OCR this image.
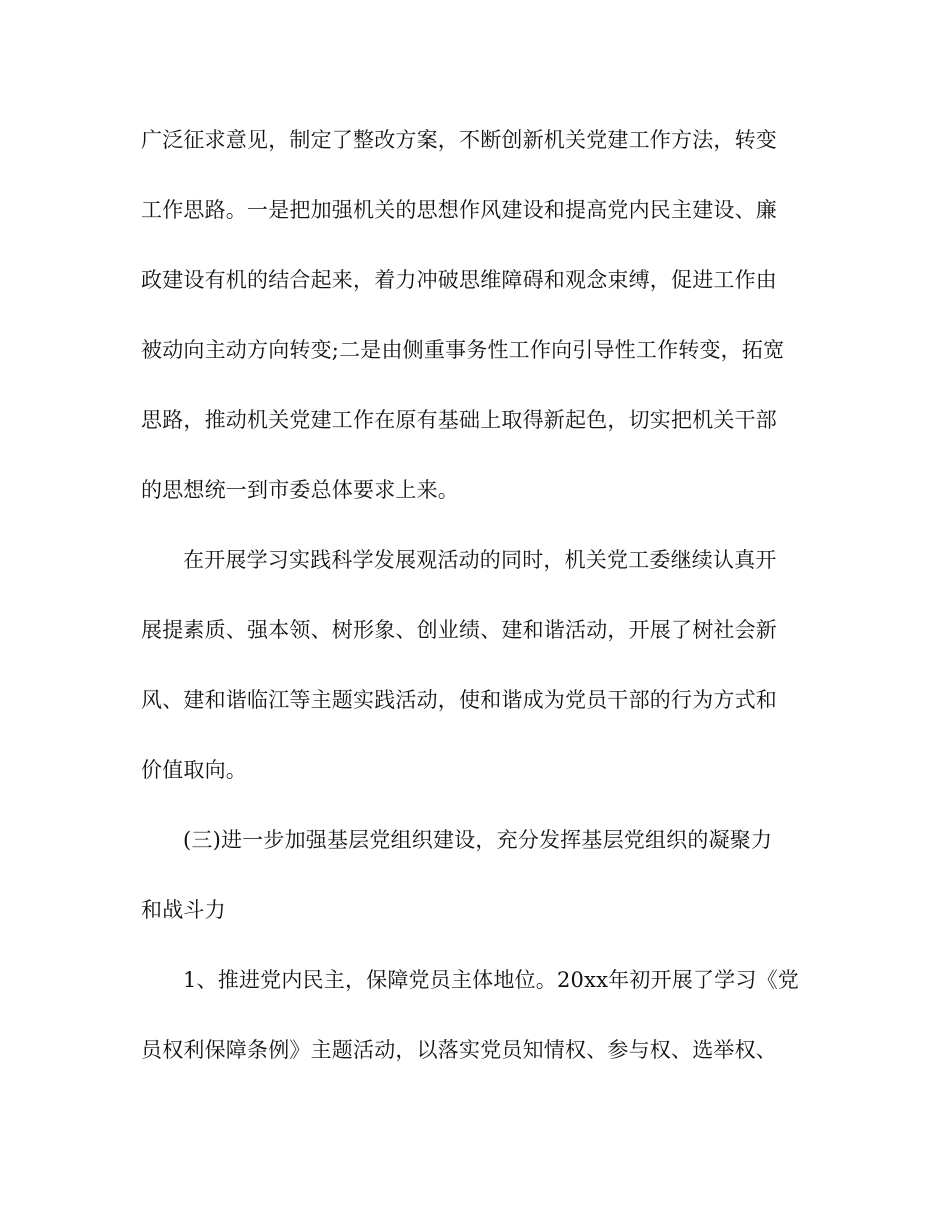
广泛征求意见，制定了整改方案，不断创新机关党建工作方法，转变
工作思路。一是把加强机关的思想作风建设和提高党内民主建设、廉
政建设有机的结合起来，着力冲破思维障碍和观念束缚，促进工作由
被动向主动方向转变;二是由侧重事务性工作向引导性工作转变，拓宽
思路，推动机关党建工作在原有基础上取得新起色，切实把机关干部
的思想统一到市委总体要求上来。
在开展学习实践科学发展观活动的同时，机关党工委继续认真开
展提素质、强本领、树形象、创业绩、建和谐活动，开展了树社会新
风、建和谐临江等主题实践活动，使和谐成为党员干部的行为方式和
价值取向。
(三)进一步加强基层党组织建设，充分发挥基层党组织的凝聚力
和战斗力
1、推进党内民主，保障党员主体地位。20xx年初开展了学习《党
员权利保障条例》主题活动，以落实党员知情权、参与权、选举权、
